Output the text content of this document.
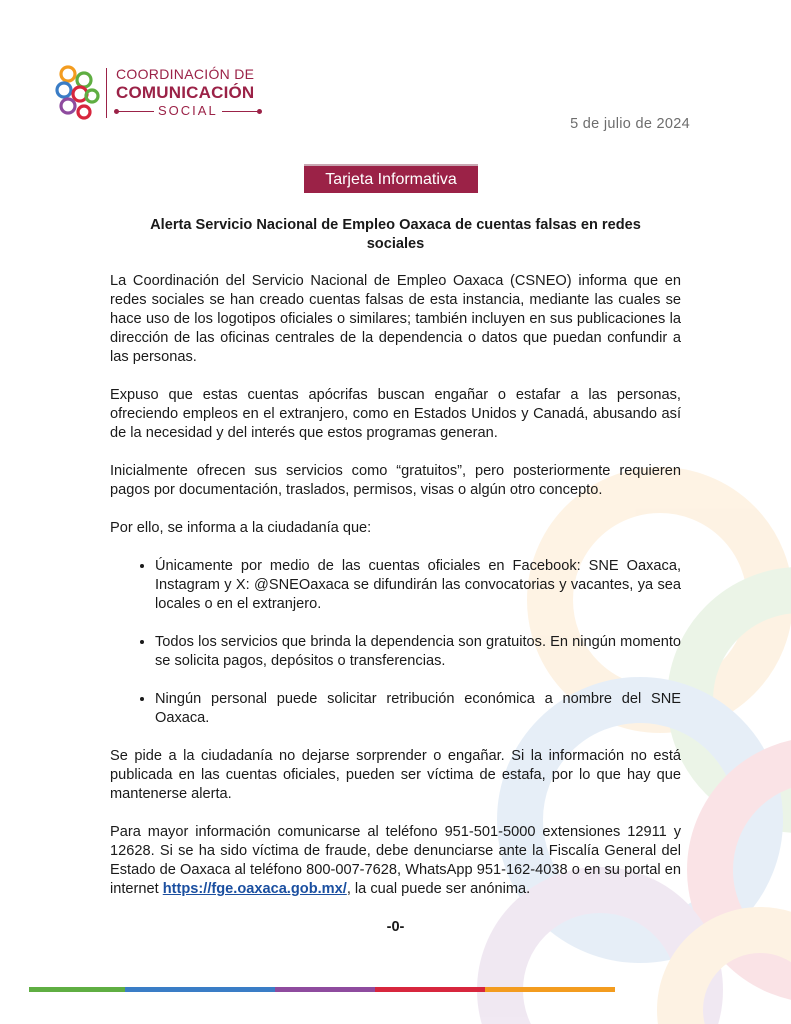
COORDINACIÓN DE
COMUNICACIÓN
SOCIAL
5 de julio de 2024
Tarjeta Informativa
Alerta Servicio Nacional de Empleo Oaxaca de cuentas falsas en redes sociales

La Coordinación del Servicio Nacional de Empleo Oaxaca (CSNEO) informa que en redes sociales se han creado cuentas falsas de esta instancia, mediante las cuales se hace uso de los logotipos oficiales o similares; también incluyen en sus publicaciones la dirección de las oficinas centrales de la dependencia o datos que puedan confundir a las personas.

Expuso que estas cuentas apócrifas buscan engañar o estafar a las personas, ofreciendo empleos en el extranjero, como en Estados Unidos y Canadá, abusando así de la necesidad y del interés que estos programas generan.

Inicialmente ofrecen sus servicios como “gratuitos”, pero posteriormente requieren pagos por documentación, traslados, permisos, visas o algún otro concepto.

Por ello, se informa a la ciudadanía que:

• Únicamente por medio de las cuentas oficiales en Facebook: SNE Oaxaca, Instagram y X: @SNEOaxaca se difundirán las convocatorias y vacantes, ya sea locales o en el extranjero.
• Todos los servicios que brinda la dependencia son gratuitos. En ningún momento se solicita pagos, depósitos o transferencias.
• Ningún personal puede solicitar retribución económica a nombre del SNE Oaxaca.

Se pide a la ciudadanía no dejarse sorprender o engañar. Si la información no está publicada en las cuentas oficiales, pueden ser víctima de estafa, por lo que hay que mantenerse alerta.

Para mayor información comunicarse al teléfono 951-501-5000 extensiones 12911 y 12628. Si se ha sido víctima de fraude, debe denunciarse ante la Fiscalía General del Estado de Oaxaca al teléfono 800-007-7628, WhatsApp 951-162-4038 o en su portal en internet https://fge.oaxaca.gob.mx/, la cual puede ser anónima.

-0-
